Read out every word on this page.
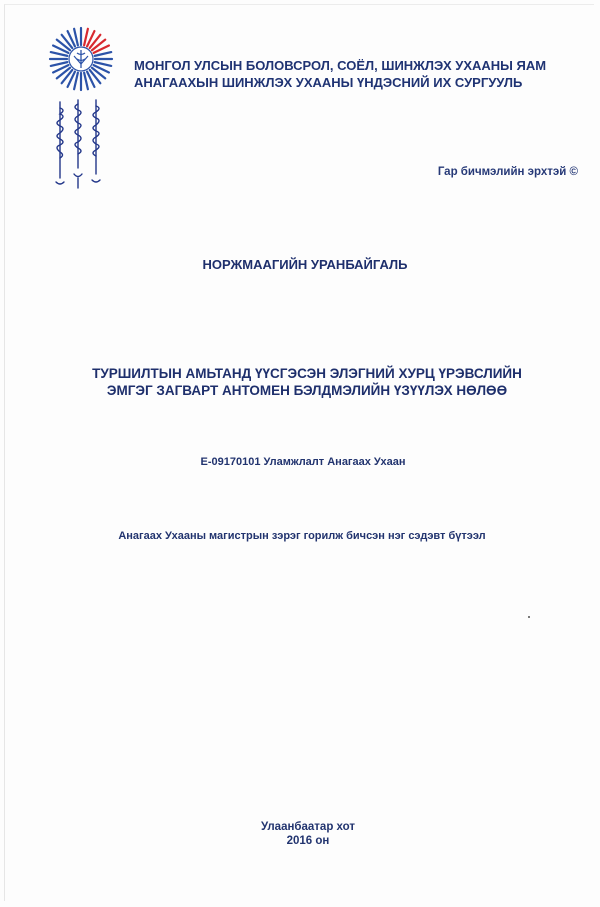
МОНГОЛ УЛСЫН БОЛОВСРОЛ, СОЁЛ, ШИНЖЛЭХ УХААНЫ ЯАМ
АНАГААХЫН ШИНЖЛЭХ УХААНЫ ҮНДЭСНИЙ ИХ СУРГУУЛЬ
Гар бичмэлийн эрхтэй ©
НОРЖМААГИЙН УРАНБАЙГАЛЬ
ТУРШИЛТЫН АМЬТАНД ҮҮСГЭСЭН ЭЛЭГНИЙ ХУРЦ ҮРЭВСЛИЙН
ЭМГЭГ ЗАГВАРТ АНТОМЕН БЭЛДМЭЛИЙН ҮЗҮҮЛЭХ НӨЛӨӨ
E-09170101 Уламжлалт Анагаах Ухаан
Анагаах Ухааны магистрын зэрэг горилж бичсэн нэг сэдэвт бүтээл
Улаанбаатар хот
2016 он
